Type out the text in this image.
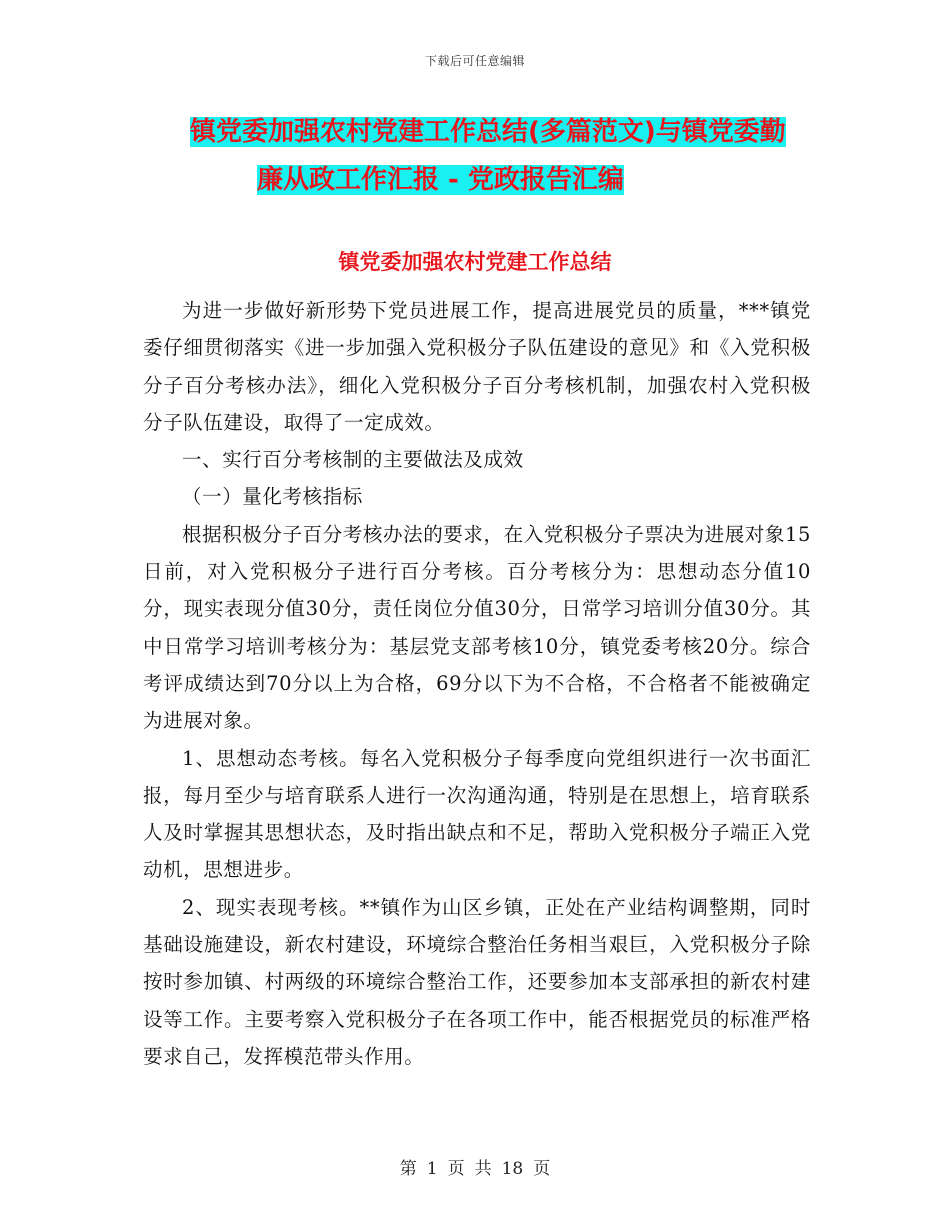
下载后可任意编辑
镇党委加强农村党建工作总结(多篇范文)与镇党委勤
廉从政工作汇报 - 党政报告汇编
镇党委加强农村党建工作总结

为进一步做好新形势下党员进展工作，提高进展党员的质量，***镇党委仔细贯彻落实《进一步加强入党积极分子队伍建设的意见》和《入党积极分子百分考核办法》，细化入党积极分子百分考核机制，加强农村入党积极分子队伍建设，取得了一定成效。

一、实行百分考核制的主要做法及成效

（一）量化考核指标

根据积极分子百分考核办法的要求，在入党积极分子票决为进展对象15日前，对入党积极分子进行百分考核。百分考核分为：思想动态分值10分，现实表现分值30分，责任岗位分值30分，日常学习培训分值30分。其中日常学习培训考核分为：基层党支部考核10分，镇党委考核20分。综合考评成绩达到70分以上为合格，69分以下为不合格，不合格者不能被确定为进展对象。

1、思想动态考核。每名入党积极分子每季度向党组织进行一次书面汇报，每月至少与培育联系人进行一次沟通沟通，特别是在思想上，培育联系人及时掌握其思想状态，及时指出缺点和不足，帮助入党积极分子端正入党动机，思想进步。

2、现实表现考核。**镇作为山区乡镇，正处在产业结构调整期，同时基础设施建设，新农村建设，环境综合整治任务相当艰巨，入党积极分子除按时参加镇、村两级的环境综合整治工作，还要参加本支部承担的新农村建设等工作。主要考察入党积极分子在各项工作中，能否根据党员的标准严格要求自己，发挥模范带头作用。

第 1 页 共 18 页
